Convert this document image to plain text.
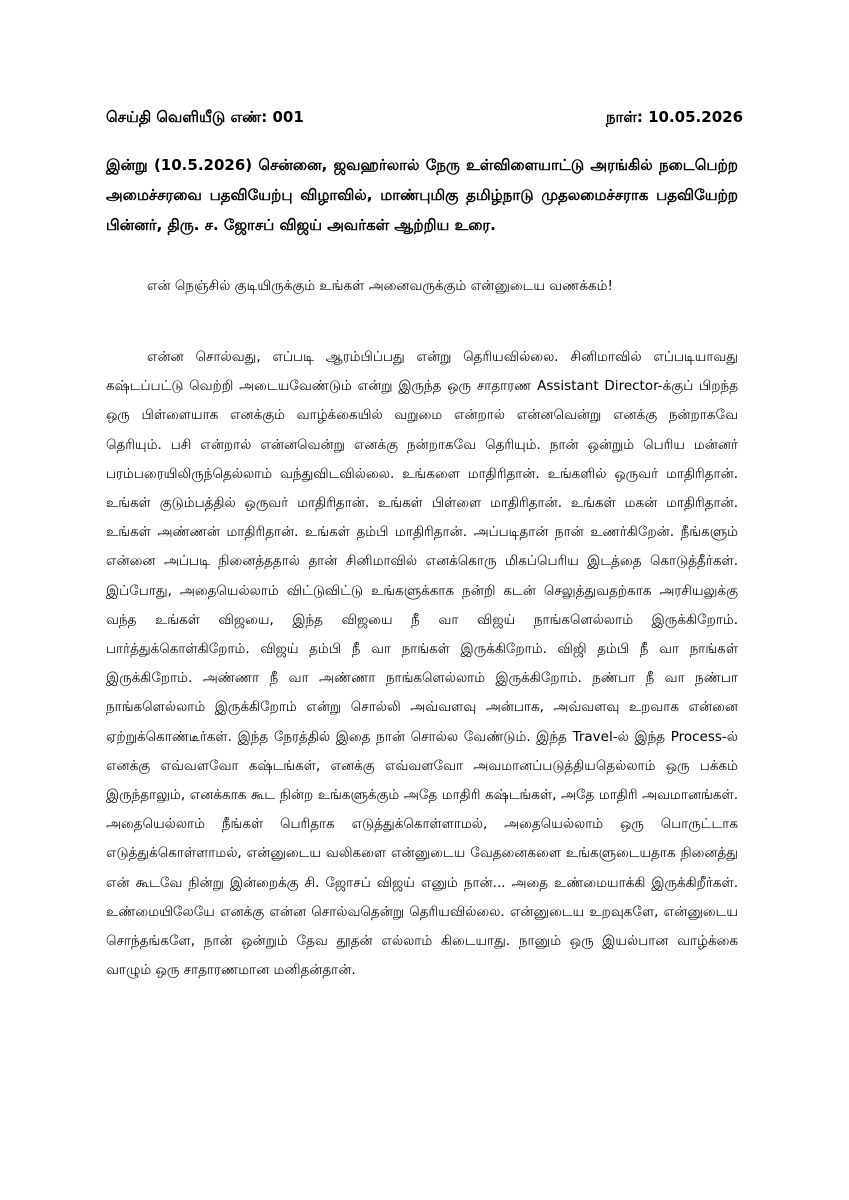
செய்தி வெளியீடு எண்: 001	நாள்: 10.05.2026
இன்று (10.5.2026) சென்னை, ஜவஹர்லால் நேரு உள்விளையாட்டு அரங்கில் நடைபெற்ற அமைச்சரவை பதவியேற்பு விழாவில், மாண்புமிகு தமிழ்நாடு முதலமைச்சராக பதவியேற்ற பின்னர், திரு. ச. ஜோசப் விஜய் அவர்கள் ஆற்றிய உரை.

என் நெஞ்சில் குடியிருக்கும் உங்கள் அனைவருக்கும் என்னுடைய வணக்கம்!

என்ன சொல்வது, எப்படி ஆரம்பிப்பது என்று தெரியவில்லை. சினிமாவில் எப்படியாவது கஷ்டப்பட்டு வெற்றி அடையவேண்டும் என்று இருந்த ஒரு சாதாரண Assistant Director-க்குப் பிறந்த ஒரு பிள்ளையாக எனக்கும் வாழ்க்கையில் வறுமை என்றால் என்னவென்று எனக்கு நன்றாகவே தெரியும். பசி என்றால் என்னவென்று எனக்கு நன்றாகவே தெரியும். நான் ஒன்றும் பெரிய மன்னர் பரம்பரையிலிருந்தெல்லாம் வந்துவிடவில்லை. உங்களை மாதிரிதான். உங்களில் ஒருவர் மாதிரிதான். உங்கள் குடும்பத்தில் ஒருவர் மாதிரிதான். உங்கள் பிள்ளை மாதிரிதான். உங்கள் மகன் மாதிரிதான். உங்கள் அண்ணன் மாதிரிதான். உங்கள் தம்பி மாதிரிதான். அப்படிதான் நான் உணர்கிறேன். நீங்களும் என்னை அப்படி நினைத்ததால் தான் சினிமாவில் எனக்கொரு மிகப்பெரிய இடத்தை கொடுத்தீர்கள். இப்போது, அதையெல்லாம் விட்டுவிட்டு உங்களுக்காக நன்றி கடன் செலுத்துவதற்காக அரசியலுக்கு வந்த உங்கள் விஜயை, இந்த விஜயை நீ வா விஜய் நாங்களெல்லாம் இருக்கிறோம். பார்த்துக்கொள்கிறோம். விஜய் தம்பி நீ வா நாங்கள் இருக்கிறோம். விஜி தம்பி நீ வா நாங்கள் இருக்கிறோம். அண்ணா நீ வா அண்ணா நாங்களெல்லாம் இருக்கிறோம். நண்பா நீ வா நண்பா நாங்களெல்லாம் இருக்கிறோம் என்று சொல்லி அவ்வளவு அன்பாக, அவ்வளவு உறவாக என்னை ஏற்றுக்கொண்டீர்கள். இந்த நேரத்தில் இதை நான் சொல்ல வேண்டும். இந்த Travel-ல் இந்த Process-ல் எனக்கு எவ்வளவோ கஷ்டங்கள், எனக்கு எவ்வளவோ அவமானப்படுத்தியதெல்லாம் ஒரு பக்கம் இருந்தாலும், எனக்காக கூட நின்ற உங்களுக்கும் அதே மாதிரி கஷ்டங்கள், அதே மாதிரி அவமானங்கள். அதையெல்லாம் நீங்கள் பெரிதாக எடுத்துக்கொள்ளாமல், அதையெல்லாம் ஒரு பொருட்டாக எடுத்துக்கொள்ளாமல், என்னுடைய வலிகளை என்னுடைய வேதனைகளை உங்களுடையதாக நினைத்து என் கூடவே நின்று இன்றைக்கு சி. ஜோசப் விஜய் எனும் நான்... அதை உண்மையாக்கி இருக்கிறீர்கள். உண்மையிலேயே எனக்கு என்ன சொல்வதென்று தெரியவில்லை. என்னுடைய உறவுகளே, என்னுடைய சொந்தங்களே, நான் ஒன்றும் தேவ தூதன் எல்லாம் கிடையாது. நானும் ஒரு இயல்பான வாழ்க்கை வாழும் ஒரு சாதாரணமான மனிதன்தான்.
